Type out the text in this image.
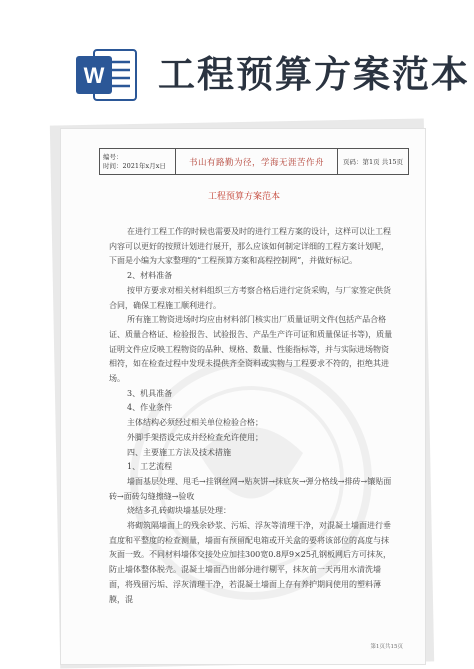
W 工程预算方案范本
编号：
时间：2021年x月x日	书山有路勤为径，学海无涯苦作舟	页码：第1页 共15页
工程预算方案范本

在进行工程工作的时候也需要及时的进行工程方案的设计，这样可以让工程内容可以更好的按照计划进行展开，那么应该如何制定详细的工程方案计划呢，下面是小编为大家整理的“工程预算方案和高程控制网”，并做好标记。

2、材料准备

按甲方要求对相关材料组织三方考察合格后进行定货采购，与厂家签定供货合同，确保工程施工顺利进行。

所有施工物资进场时均应由材料部门核实出厂质量证明文件(包括产品合格证、质量合格证、检验报告、试验报告、产品生产许可证和质量保证书等)，质量证明文件应反映工程物资的品种、规格、数量、性能指标等，并与实际进场物资相符，如在检查过程中发现未提供齐全资料或实物与工程要求不符的，拒绝其进场。

3、机具准备

4、作业条件

主体结构必须经过相关单位检验合格；

外脚手架搭设完成并经检查允许使用；

四、主要施工方法及技术措施

1、工艺流程

墙面基层处理、甩毛→挂钢丝网→贴灰饼→抹底灰→弹分格线→排砖→镶贴面砖→面砖勾缝擦缝→验收

烧结多孔砖砌块墙基层处理：

将砌筑隔墙面上的残余砂浆、污垢、浮灰等清理干净，对混凝土墙面进行垂直度和平整度的检查测量，墙面有预留配电箱或开关盒的要将该部位的高度与抹灰面一致。不同材料墙体交接处应加挂300宽0.8厚9×25孔钢板网后方可抹灰，防止墙体整体脱壳。混凝土墙面凸出部分进行剔平，抹灰前一天再用水清洗墙面，将残留污垢、浮灰清理干净，若混凝土墙面上存有养护期间使用的塑料薄膜，混

第1页共15页
